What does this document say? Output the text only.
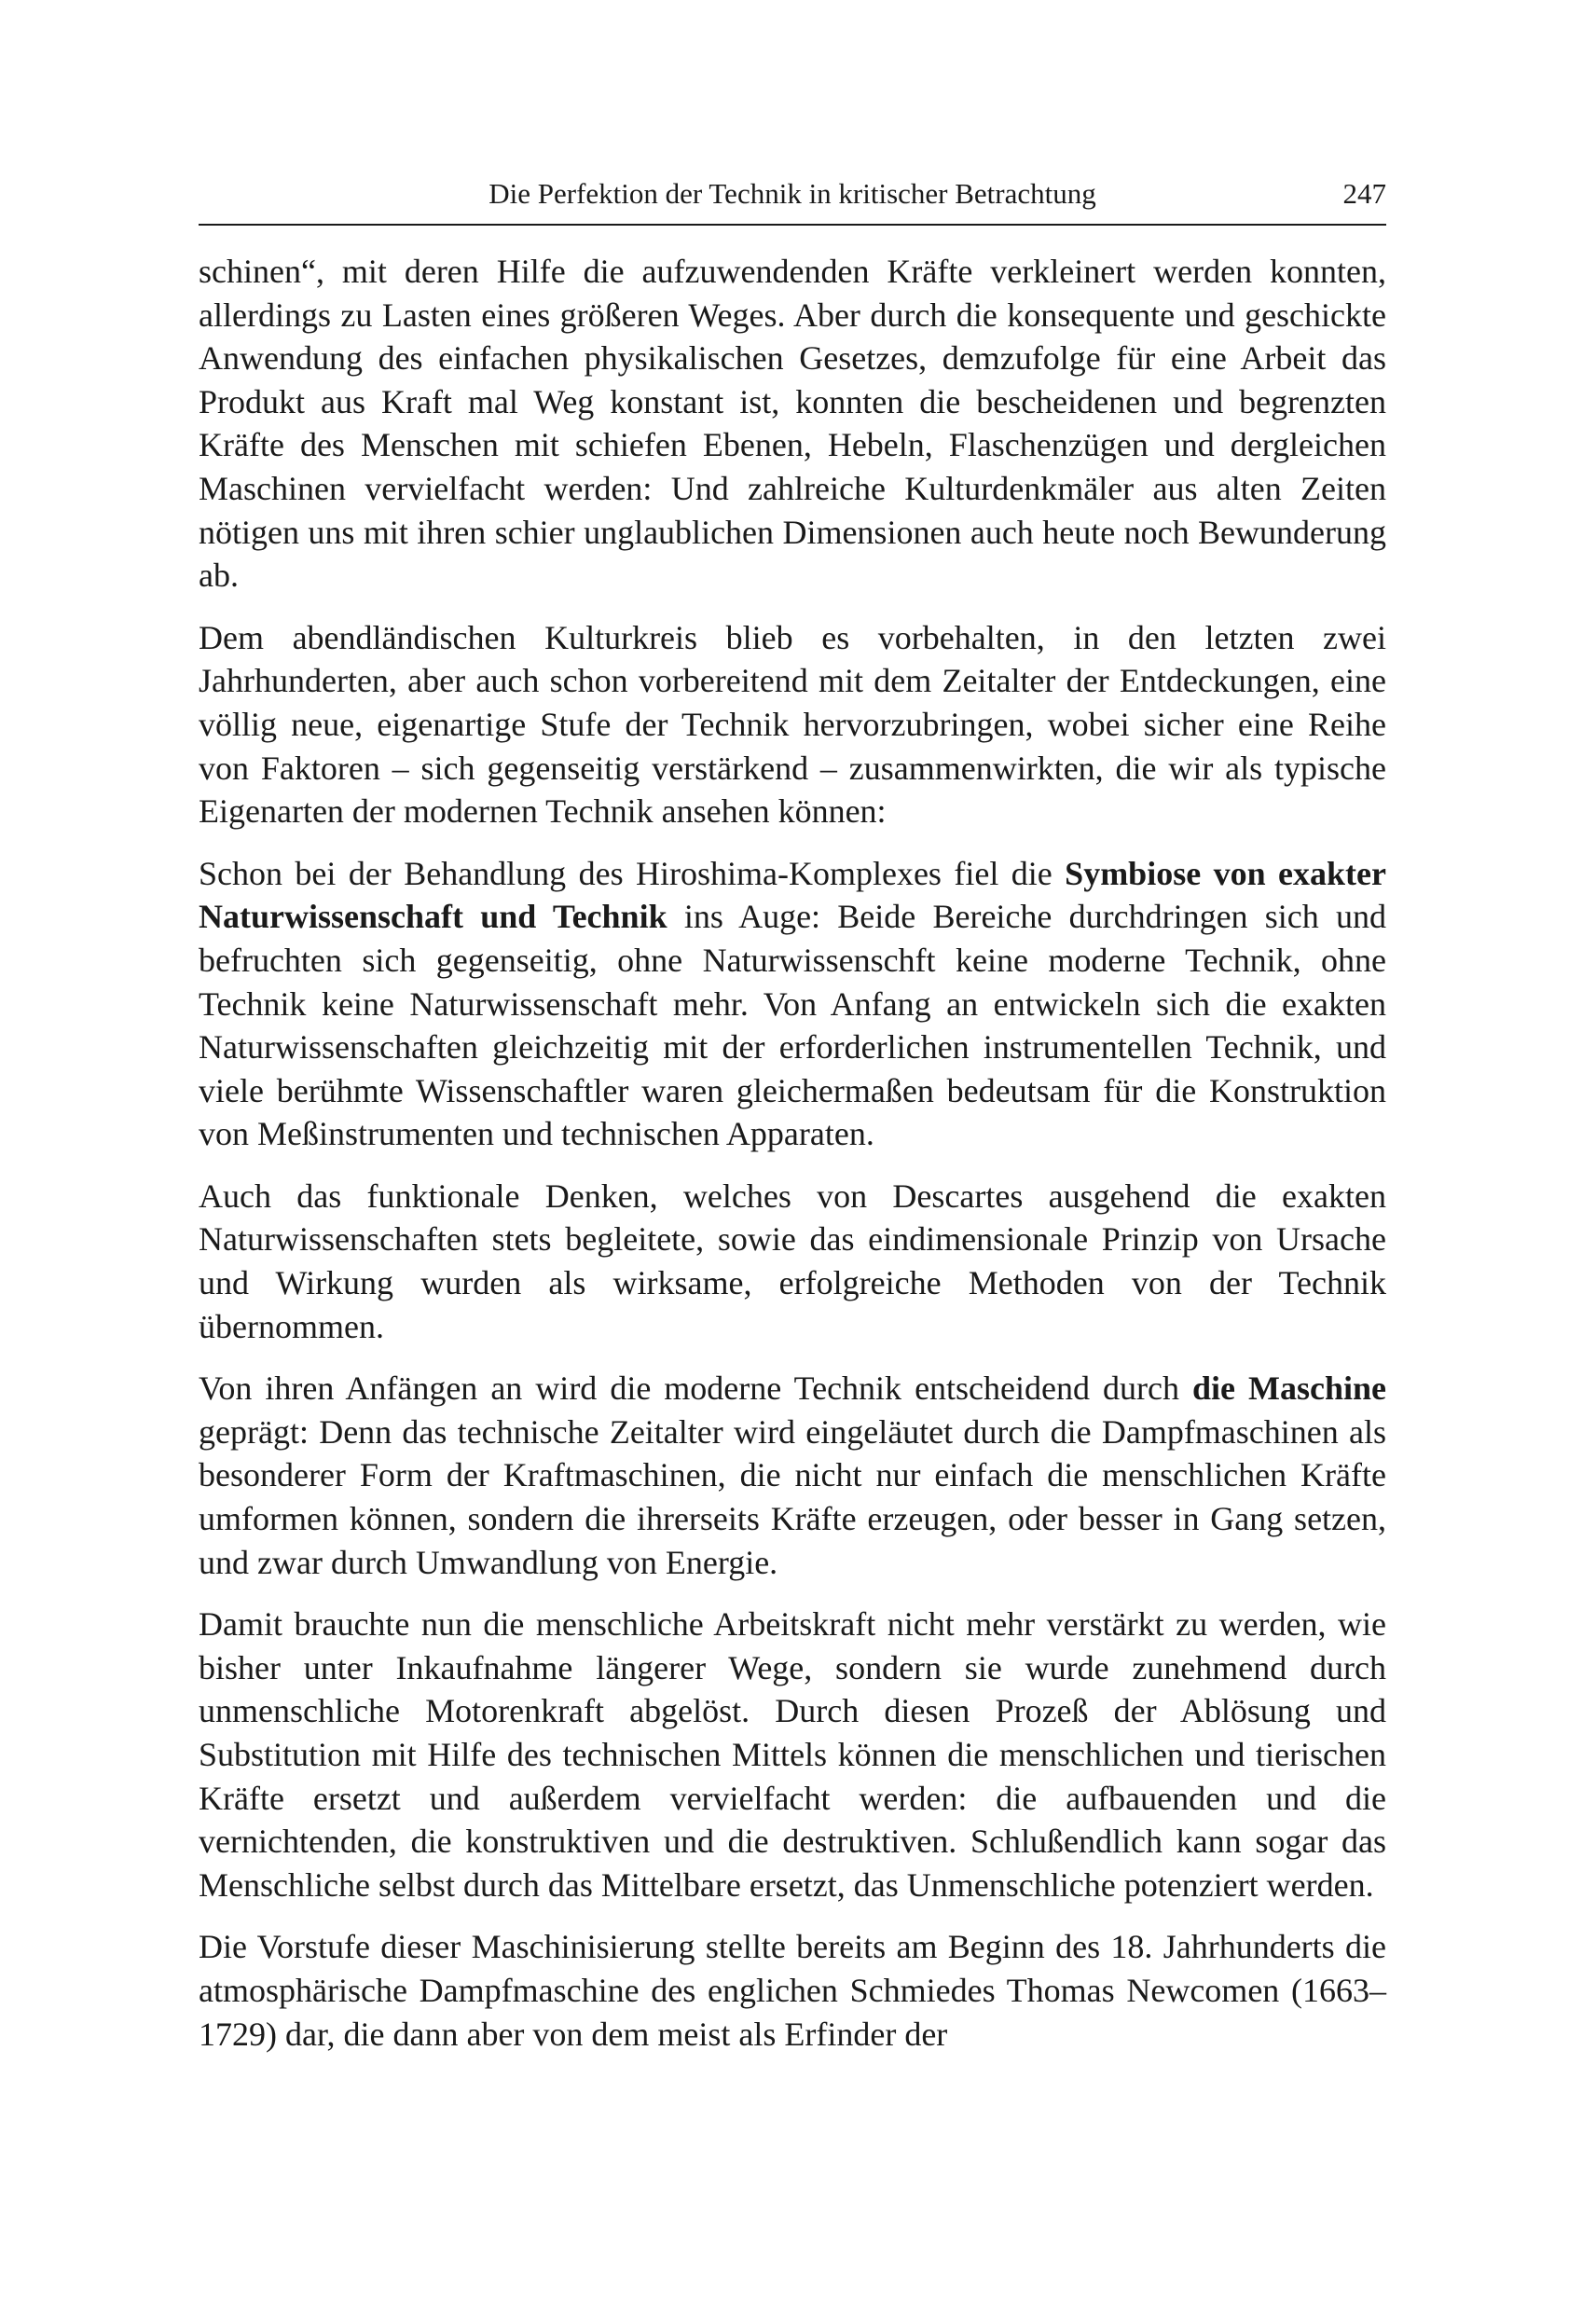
Die Perfektion der Technik in kritischer Betrachtung	247

schinen“, mit deren Hilfe die aufzuwendenden Kräfte verkleinert werden konnten, allerdings zu Lasten eines größeren Weges. Aber durch die konsequente und geschickte Anwendung des einfachen physikalischen Gesetzes, demzufolge für eine Arbeit das Produkt aus Kraft mal Weg konstant ist, konnten die bescheidenen und begrenzten Kräfte des Menschen mit schiefen Ebenen, Hebeln, Flaschenzügen und dergleichen Maschinen vervielfacht werden: Und zahlreiche Kulturdenkmäler aus alten Zeiten nötigen uns mit ihren schier unglaublichen Dimensionen auch heute noch Bewunderung ab.

Dem abendländischen Kulturkreis blieb es vorbehalten, in den letzten zwei Jahrhunderten, aber auch schon vorbereitend mit dem Zeitalter der Entdeckungen, eine völlig neue, eigenartige Stufe der Technik hervorzubringen, wobei sicher eine Reihe von Faktoren – sich gegenseitig verstärkend – zusammenwirkten, die wir als typische Eigenarten der modernen Technik ansehen können:

Schon bei der Behandlung des Hiroshima-Komplexes fiel die Symbiose von exakter Naturwissenschaft und Technik ins Auge: Beide Bereiche durchdringen sich und befruchten sich gegenseitig, ohne Naturwissenschft keine moderne Technik, ohne Technik keine Naturwissenschaft mehr. Von Anfang an entwickeln sich die exakten Naturwissenschaften gleichzeitig mit der erforderlichen instrumentellen Technik, und viele berühmte Wissenschaftler waren gleichermaßen bedeutsam für die Konstruktion von Meßinstrumenten und technischen Apparaten.

Auch das funktionale Denken, welches von Descartes ausgehend die exakten Naturwissenschaften stets begleitete, sowie das eindimensionale Prinzip von Ursache und Wirkung wurden als wirksame, erfolgreiche Methoden von der Technik übernommen.

Von ihren Anfängen an wird die moderne Technik entscheidend durch die Maschine geprägt: Denn das technische Zeitalter wird eingeläutet durch die Dampfmaschinen als besonderer Form der Kraftmaschinen, die nicht nur einfach die menschlichen Kräfte umformen können, sondern die ihrerseits Kräfte erzeugen, oder besser in Gang setzen, und zwar durch Umwandlung von Energie.

Damit brauchte nun die menschliche Arbeitskraft nicht mehr verstärkt zu werden, wie bisher unter Inkaufnahme längerer Wege, sondern sie wurde zunehmend durch unmenschliche Motorenkraft abgelöst. Durch diesen Prozeß der Ablösung und Substitution mit Hilfe des technischen Mittels können die menschlichen und tierischen Kräfte ersetzt und außerdem vervielfacht werden: die aufbauenden und die vernichtenden, die konstruktiven und die destruktiven. Schlußendlich kann sogar das Menschliche selbst durch das Mittelbare ersetzt, das Unmenschliche potenziert werden.

Die Vorstufe dieser Maschinisierung stellte bereits am Beginn des 18. Jahrhunderts die atmosphärische Dampfmaschine des englichen Schmiedes Thomas Newcomen (1663–1729) dar, die dann aber von dem meist als Erfinder der
